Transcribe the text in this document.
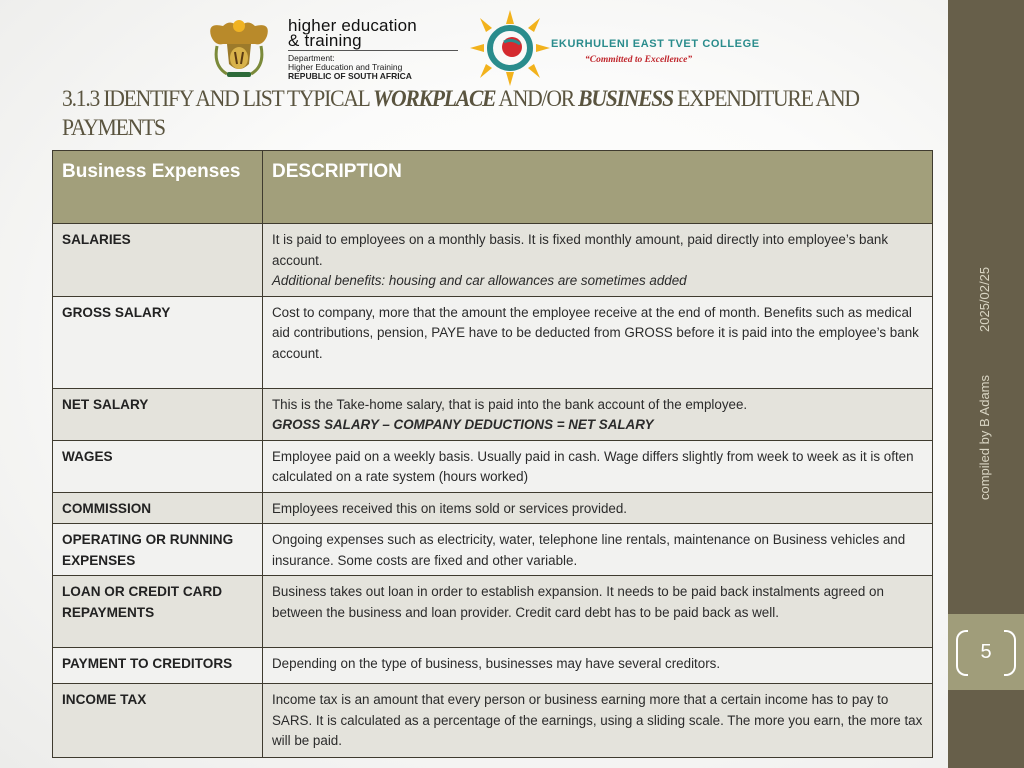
higher education
& training
Department:
Higher Education and Training
REPUBLIC OF SOUTH AFRICA
EKURHULENI EAST TVET COLLEGE
“Committed to Excellence”
3.1.3 IDENTIFY AND LIST TYPICAL WORKPLACE AND/OR BUSINESS EXPENDITURE AND PAYMENTS
Business Expenses	DESCRIPTION
SALARIES	It is paid to employees on a monthly basis. It is fixed monthly amount, paid directly into employee’s bank account.
Additional benefits: housing and car allowances are sometimes added

GROSS SALARY	Cost to company, more that the amount the employee receive at the end of month. Benefits such as medical aid contributions, pension, PAYE have to be deducted from GROSS before it is paid into the employee’s bank account.
NET SALARY	This is the Take-home salary, that is paid into the bank account of the employee.
GROSS SALARY – COMPANY DEDUCTIONS = NET SALARY

WAGES	Employee paid on a weekly basis. Usually paid in cash. Wage differs slightly from week to week as it is often calculated on a rate system (hours worked)
COMMISSION	Employees received this on items sold or services provided.
OPERATING OR RUNNING EXPENSES	Ongoing expenses such as electricity, water, telephone line rentals, maintenance on Business vehicles and insurance. Some costs are fixed and other variable.
LOAN OR CREDIT CARD REPAYMENTS	Business takes out loan in order to establish expansion. It needs to be paid back instalments agreed on between the business and loan provider. Credit card debt has to be paid back as well.
PAYMENT TO CREDITORS	Depending on the type of business, businesses may have several creditors.
INCOME TAX	Income tax is an amount that every person or business earning more that a certain income has to pay to SARS. It is calculated as a percentage of the earnings, using a sliding scale. The more you earn, the more tax will be paid.
2025/02/25
compiled by B Adams
5
